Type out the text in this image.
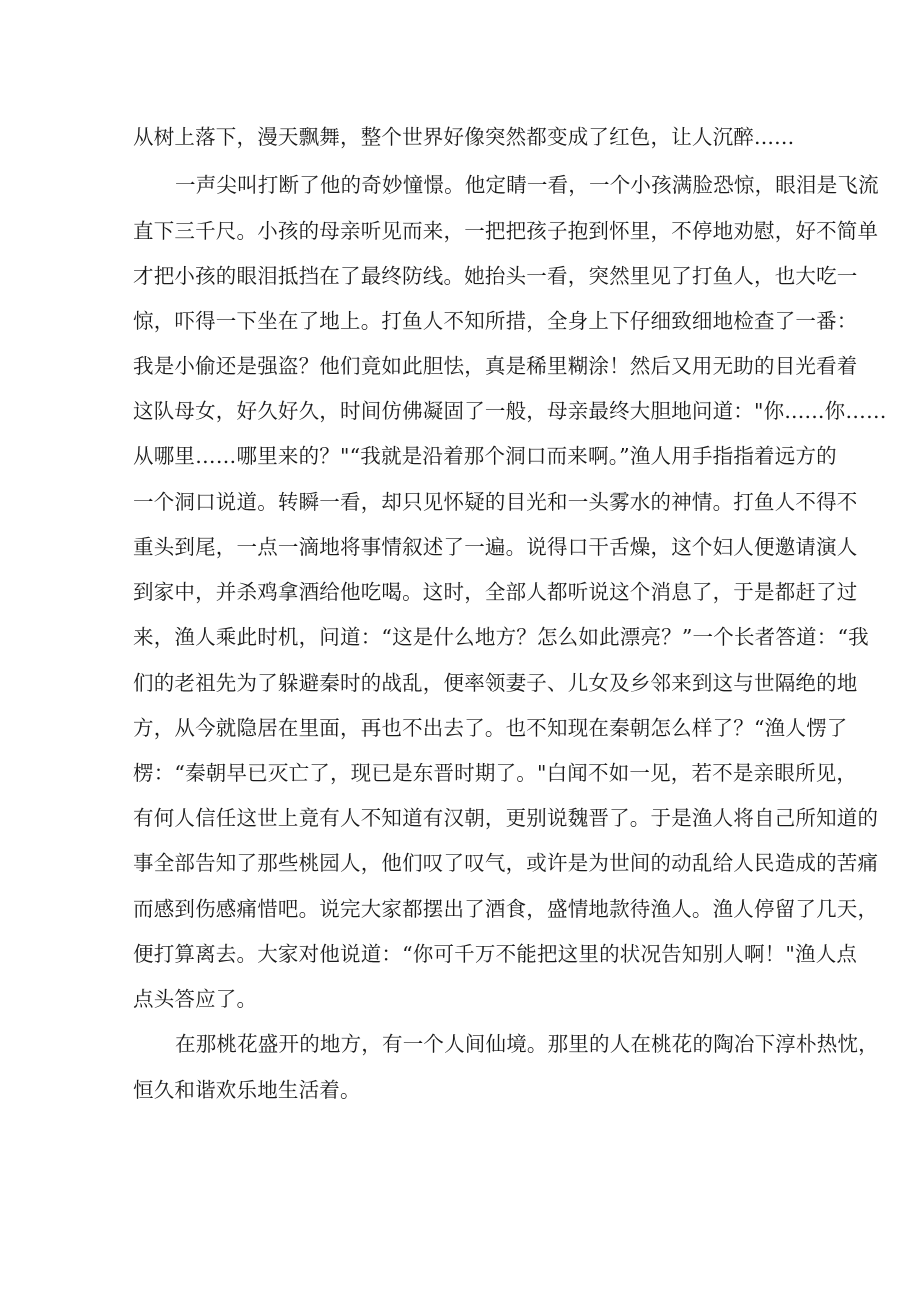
从树上落下，漫天飘舞，整个世界好像突然都变成了红色，让人沉醉......
一声尖叫打断了他的奇妙憧憬。他定睛一看，一个小孩满脸恐惊，眼泪是飞流
直下三千尺。小孩的母亲听见而来，一把把孩子抱到怀里，不停地劝慰，好不简单
才把小孩的眼泪抵挡在了最终防线。她抬头一看，突然里见了打鱼人，也大吃一
惊，吓得一下坐在了地上。打鱼人不知所措，全身上下仔细致细地检查了一番：
我是小偷还是强盗？他们竟如此胆怯，真是稀里糊涂！然后又用无助的目光看着
这队母女，好久好久，时间仿佛凝固了一般，母亲最终大胆地问道："你......你……
从哪里……哪里来的？"“我就是沿着那个洞口而来啊。”渔人用手指指着远方的
一个洞口说道。转瞬一看，却只见怀疑的目光和一头雾水的神情。打鱼人不得不
重头到尾，一点一滴地将事情叙述了一遍。说得口干舌燥，这个妇人便邀请演人
到家中，并杀鸡拿酒给他吃喝。这时，全部人都听说这个消息了，于是都赶了过
来，渔人乘此时机，问道：“这是什么地方？怎么如此漂亮？”一个长者答道：“我
们的老祖先为了躲避秦时的战乱，便率领妻子、儿女及乡邻来到这与世隔绝的地
方，从今就隐居在里面，再也不出去了。也不知现在秦朝怎么样了？“渔人愣了
楞：“秦朝早已灭亡了，现已是东晋时期了。"白闻不如一见，若不是亲眼所见，
有何人信任这世上竟有人不知道有汉朝，更别说魏晋了。于是渔人将自己所知道的
事全部告知了那些桃园人，他们叹了叹气，或许是为世间的动乱给人民造成的苦痛
而感到伤感痛惜吧。说完大家都摆出了酒食，盛情地款待渔人。渔人停留了几天，
便打算离去。大家对他说道：“你可千万不能把这里的状况告知别人啊！"渔人点
点头答应了。
在那桃花盛开的地方，有一个人间仙境。那里的人在桃花的陶冶下淳朴热忱，
恒久和谐欢乐地生活着。
